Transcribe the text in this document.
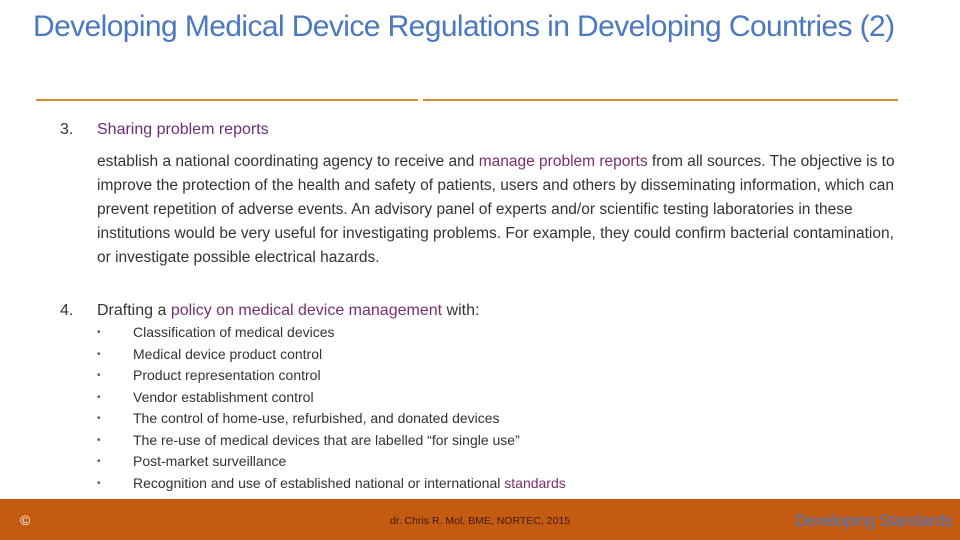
Developing Medical Device Regulations in Developing Countries (2)
3.	Sharing problem reports

establish a national coordinating agency to receive and manage problem reports from all sources. The objective is to improve the protection of the health and safety of patients, users and others by disseminating information, which can prevent repetition of adverse events. An advisory panel of experts and/or scientific testing laboratories in these institutions would be very useful for investigating problems. For example, they could confirm bacterial contamination, or investigate possible electrical hazards.

4.	Drafting a policy on medical device management with:
•	Classification of medical devices
•	Medical device product control
•	Product representation control
•	Vendor establishment control
•	The control of home-use, refurbished, and donated devices
•	The re-use of medical devices that are labelled “for single use”
•	Post-market surveillance
•	Recognition and use of established national or international standards
©	dr. Chris R. Mol, BME, NORTEC, 2015	Developing Standards
